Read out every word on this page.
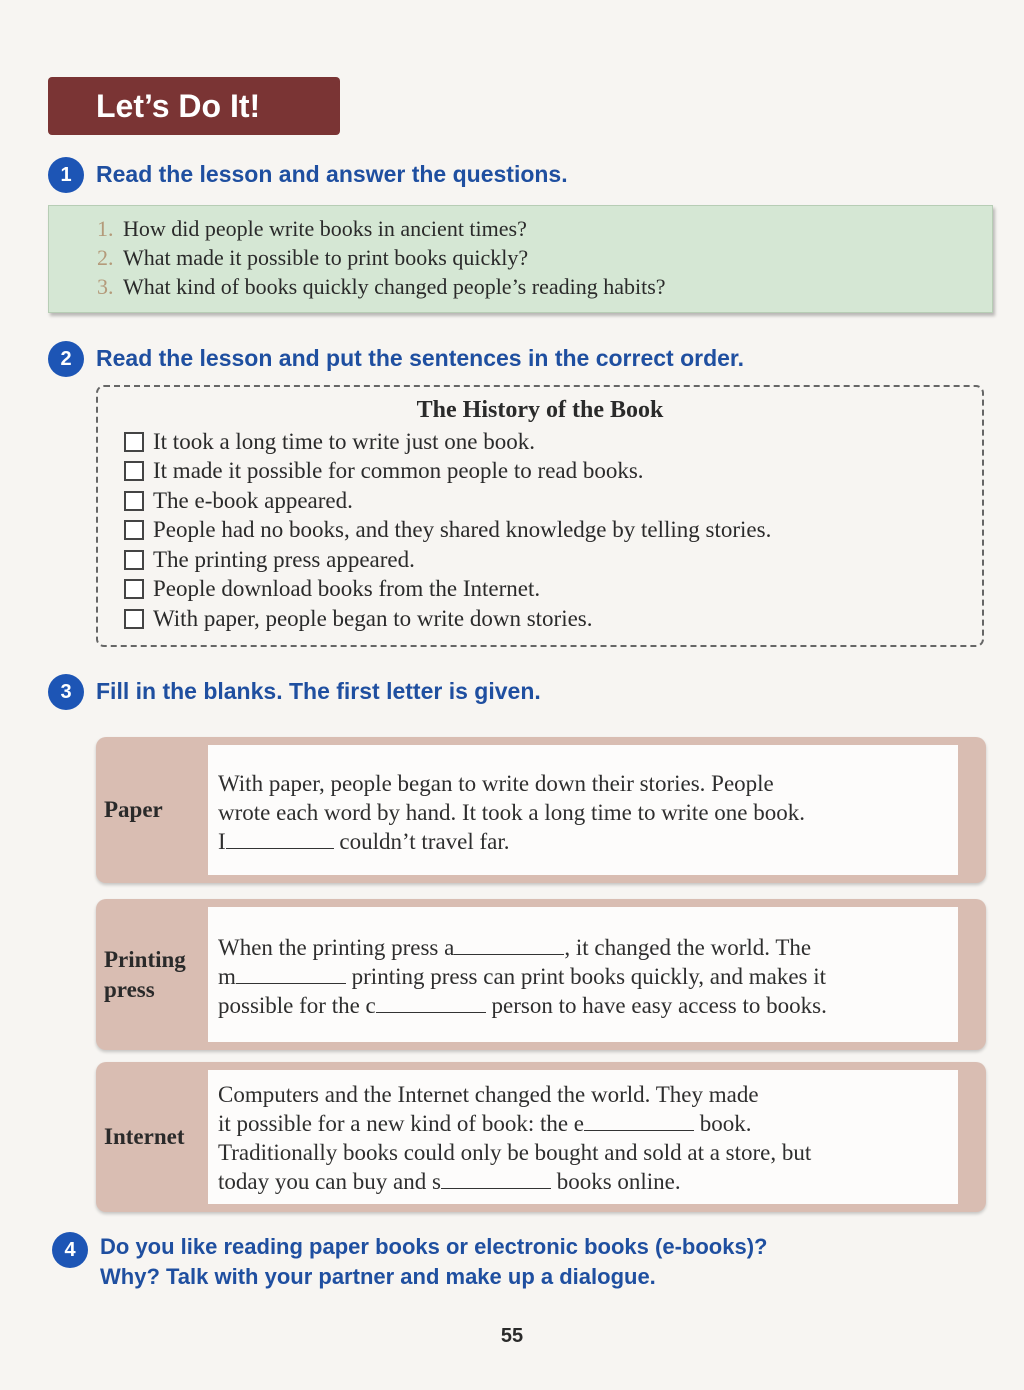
Let’s Do It!
1	Read the lesson and answer the questions.
1. How did people write books in ancient times?
2. What made it possible to print books quickly?
3. What kind of books quickly changed people’s reading habits?
2	Read the lesson and put the sentences in the correct order.
The History of the Book
It took a long time to write just one book.
It made it possible for common people to read books.
The e-book appeared.
People had no books, and they shared knowledge by telling stories.
The printing press appeared.
People download books from the Internet.
With paper, people began to write down stories.
3	Fill in the blanks. The first letter is given.
Paper
With paper, people began to write down their stories. People
wrote each word by hand. It took a long time to write one book.
I	couldn’t travel far.
Printing press
When the printing press a	, it changed the world. The
m	printing press can print books quickly, and makes it
possible for the c	person to have easy access to books.
Internet
Computers and the Internet changed the world. They made
it possible for a new kind of book: the e	book.
Traditionally books could only be bought and sold at a store, but
today you can buy and s	books online.
4	Do you like reading paper books or electronic books (e-books)?
Why? Talk with your partner and make up a dialogue.
55
